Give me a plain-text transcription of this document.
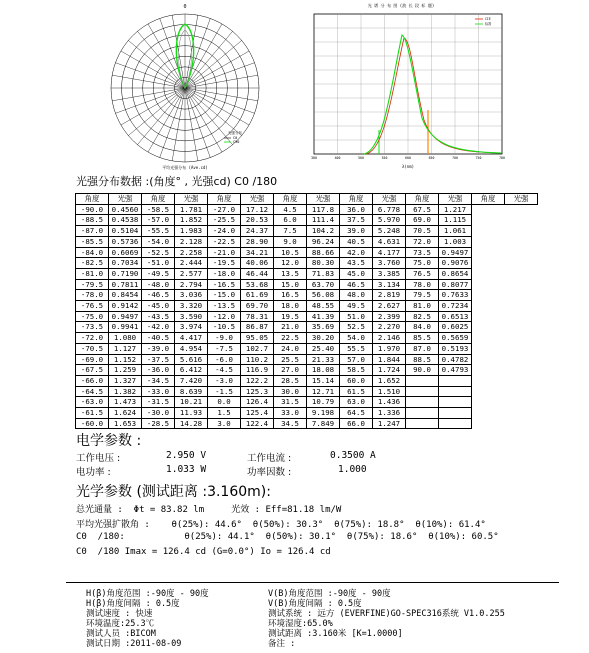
0
光强分布
C0
C90
平均光强分布 (Ave.cd)
光 谱 分 布 图 (波 长 段 标 题)
CIE
标准
380	400	500	550	600	650	700	750	780
λ(nm)
光强分布数据 :(角度° , 光强cd) C0 /180
角度	光强	角度	光强	角度	光强	角度	光强	角度	光强	角度	光强	角度	光强
-90.0	0.4560	-58.5	1.781	-27.0	17.12	4.5	117.8	36.0	6.778	67.5	1.217		
-88.5	0.4538	-57.0	1.852	-25.5	20.53	6.0	111.4	37.5	5.970	69.0	1.115		
-87.0	0.5104	-55.5	1.983	-24.0	24.37	7.5	104.2	39.0	5.248	70.5	1.061		
-85.5	0.5736	-54.0	2.128	-22.5	28.90	9.0	96.24	40.5	4.631	72.0	1.003		
-84.0	0.6069	-52.5	2.258	-21.0	34.21	10.5	88.66	42.0	4.177	73.5	0.9497		
-82.5	0.7034	-51.0	2.444	-19.5	40.06	12.0	80.30	43.5	3.760	75.0	0.9076		
-81.0	0.7190	-49.5	2.577	-18.0	46.44	13.5	71.83	45.0	3.385	76.5	0.8654		
-79.5	0.7811	-48.0	2.794	-16.5	53.68	15.0	63.70	46.5	3.134	78.0	0.8077		
-78.0	0.8454	-46.5	3.036	-15.0	61.69	16.5	56.08	48.0	2.819	79.5	0.7633		
-76.5	0.9142	-45.0	3.320	-13.5	69.70	18.0	48.55	49.5	2.627	81.0	0.7234		
-75.0	0.9497	-43.5	3.590	-12.0	78.31	19.5	41.39	51.0	2.399	82.5	0.6513		
-73.5	0.9941	-42.0	3.974	-10.5	86.87	21.0	35.69	52.5	2.270	84.0	0.6025		
-72.0	1.080	-40.5	4.417	-9.0	95.05	22.5	30.20	54.0	2.146	85.5	0.5659		
-70.5	1.127	-39.0	4.954	-7.5	102.7	24.0	25.40	55.5	1.970	87.0	0.5193		
-69.0	1.152	-37.5	5.616	-6.0	110.2	25.5	21.33	57.0	1.844	88.5	0.4782		
-67.5	1.259	-36.0	6.412	-4.5	116.9	27.0	18.08	58.5	1.724	90.0	0.4793		
-66.0	1.327	-34.5	7.420	-3.0	122.2	28.5	15.14	60.0	1.652				
-64.5	1.382	-33.0	8.639	-1.5	125.3	30.0	12.71	61.5	1.510				
-63.0	1.473	-31.5	10.21	0.0	126.4	31.5	10.79	63.0	1.436				
-61.5	1.624	-30.0	11.93	1.5	125.4	33.0	9.198	64.5	1.336				
-60.0	1.653	-28.5	14.28	3.0	122.4	34.5	7.849	66.0	1.247				
电学参数 :
工作电压 :	2.950 V	工作电流 :	0.3500 A
电功率 :	1.033 W	功率因数 :	1.000
光学参数 (测试距离 :3.160m):
总光通量 :  Φt = 83.82 lm     光效 : Eff=81.18 lm/W
平均光强扩散角 :    θ(25%): 44.6°  θ(50%): 30.3°  θ(75%): 18.8°  θ(10%): 61.4°
C0  /180:           θ(25%): 44.1°  θ(50%): 30.1°  θ(75%): 18.6°  θ(10%): 60.5°
C0  /180 Imax = 126.4 cd (G=0.0°) Io = 126.4 cd
H(β)角度范围 :-90度 - 90度
H(β)角度间隔 : 0.5度
测试速度 : 快速
环境温度:25.3℃
测试人员 :BICOM
测试日期 :2011-08-09
V(B)角度范围 :-90度 - 90度
V(B)角度间隔 : 0.5度
测试系统 : 远方 (EVERFINE)GO-SPEC316系统 V1.0.255
环境湿度:65.0%
测试距离 :3.160米 [K=1.0000]
备注 :
